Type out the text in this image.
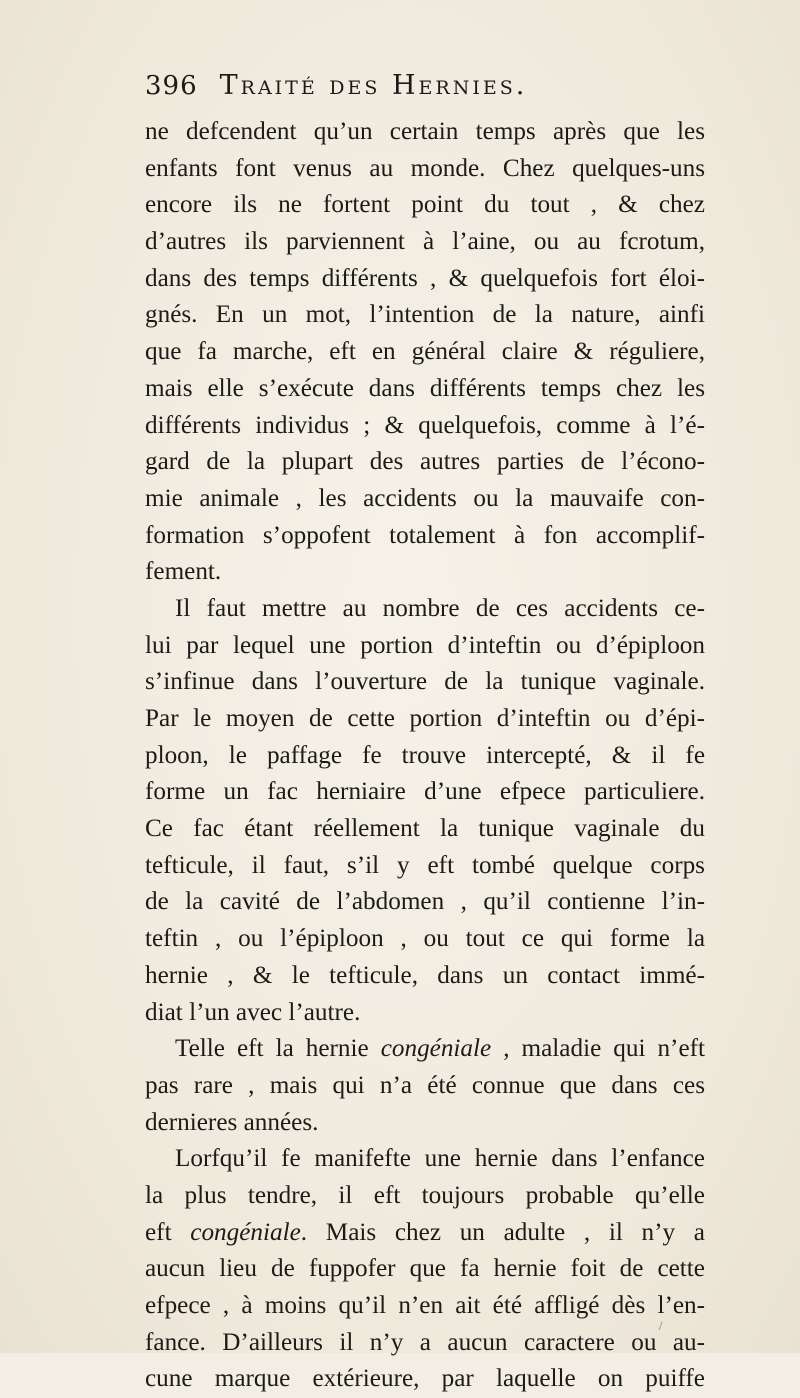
396 Traité des Hernies.
ne defcendent qu’un certain temps après que les
enfants font venus au monde. Chez quelques-uns
encore ils ne fortent point du tout , & chez
d’autres ils parviennent à l’aine, ou au fcrotum,
dans des temps différents , & quelquefois fort éloi-
gnés. En un mot, l’intention de la nature, ainfi
que fa marche, eft en général claire & réguliere,
mais elle s’exécute dans différents temps chez les
différents individus ; & quelquefois, comme à l’é-
gard de la plupart des autres parties de l’écono-
mie animale , les accidents ou la mauvaife con-
formation s’oppofent totalement à fon accomplif-
fement.
Il faut mettre au nombre de ces accidents ce-
lui par lequel une portion d’inteftin ou d’épiploon
s’infinue dans l’ouverture de la tunique vaginale.
Par le moyen de cette portion d’inteftin ou d’épi-
ploon, le paffage fe trouve intercepté, & il fe
forme un fac herniaire d’une efpece particuliere.
Ce fac étant réellement la tunique vaginale du
tefticule, il faut, s’il y eft tombé quelque corps
de la cavité de l’abdomen , qu’il contienne l’in-
teftin , ou l’épiploon , ou tout ce qui forme la
hernie , & le tefticule, dans un contact immé-
diat l’un avec l’autre.
Telle eft la hernie congéniale , maladie qui n’eft
pas rare , mais qui n’a été connue que dans ces
dernieres années.
Lorfqu’il fe manifefte une hernie dans l’enfance
la plus tendre, il eft toujours probable qu’elle
eft congéniale. Mais chez un adulte , il n’y a
aucun lieu de fuppofer que fa hernie foit de cette
efpece , à moins qu’il n’en ait été affligé dès l’en-
fance. D’ailleurs il n’y a aucun caractere ou au-
cune marque extérieure, par laquelle on puiffe
